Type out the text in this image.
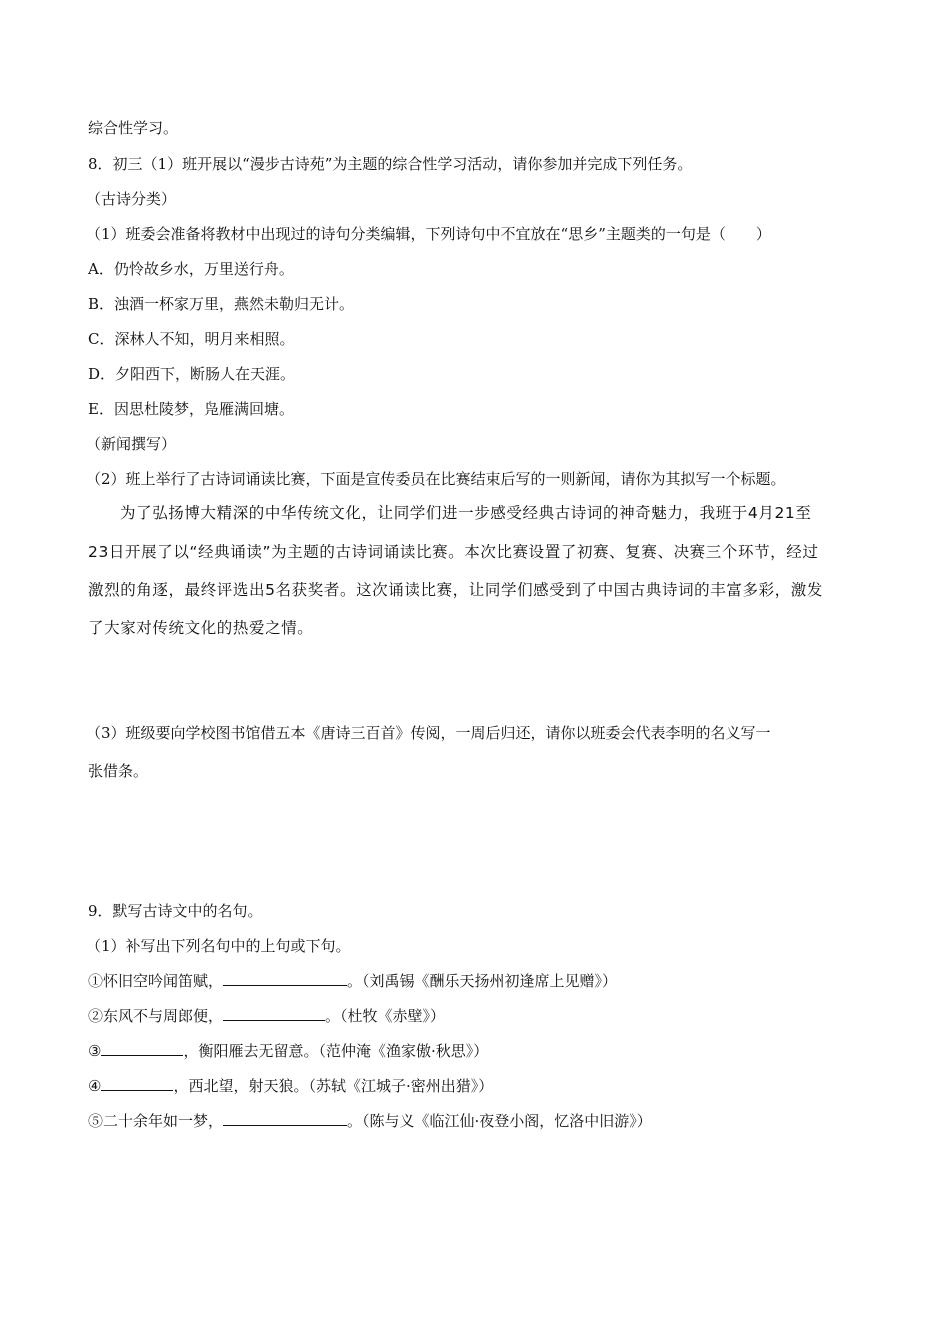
综合性学习。
8．初三（1）班开展以“漫步古诗苑”为主题的综合性学习活动，请你参加并完成下列任务。
（古诗分类）
（1）班委会准备将教材中出现过的诗句分类编辑，下列诗句中不宜放在“思乡”主题类的一句是（　　）
A．仍怜故乡水，万里送行舟。
B．浊酒一杯家万里，燕然未勒归无计。
C．深林人不知，明月来相照。
D．夕阳西下，断肠人在天涯。
E．因思杜陵梦，凫雁满回塘。
（新闻撰写）
（2）班上举行了古诗词诵读比赛，下面是宣传委员在比赛结束后写的一则新闻，请你为其拟写一个标题。
为了弘扬博大精深的中华传统文化，让同学们进一步感受经典古诗词的神奇魅力，我班于4月21至
23日开展了以“经典诵读”为主题的古诗词诵读比赛。本次比赛设置了初赛、复赛、决赛三个环节，经过
激烈的角逐，最终评选出5名获奖者。这次诵读比赛，让同学们感受到了中国古典诗词的丰富多彩，激发
了大家对传统文化的热爱之情。
（3）班级要向学校图书馆借五本《唐诗三百首》传阅，一周后归还，请你以班委会代表李明的名义写一
张借条。
9．默写古诗文中的名句。
（1）补写出下列名句中的上句或下句。
①怀旧空吟闻笛赋，	。（刘禹锡《酬乐天扬州初逢席上见赠》）
②东风不与周郎便，	。（杜牧《赤壁》）
③	，衡阳雁去无留意。（范仲淹《渔家傲·秋思》）
④	，西北望，射天狼。（苏轼《江城子·密州出猎》）
⑤二十余年如一梦，	。（陈与义《临江仙·夜登小阁，忆洛中旧游》）
